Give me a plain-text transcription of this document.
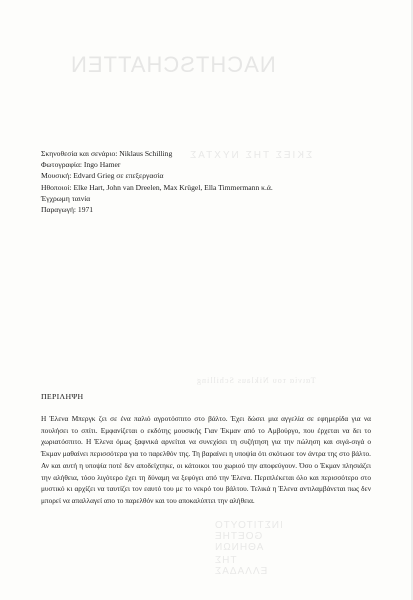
NACHTSCHATTEN
ΣΚΙΕΣ ΤΗΣ ΝΥΧΤΑΣ
Ταινία του Niklaus Schilling
ΙΝΣΤΙΤΟΥΤΟ
GOETHE
ΑΘΗΝΩΝ
ΤΗΣ
ΕΛΛΑΔΑΣ
Σκηνοθεσία και σενάριο: Niklaus Schilling
Φωτογραφία: Ingo Hamer
Μουσική: Edvard Grieg σε επεξεργασία
Ηθοποιοί: Elke Hart, John van Dreelen, Max Krügel, Ella Timmermann κ.ά.
Έγχρωμη ταινία
Παραγωγή: 1971
ΠΕΡΙΛΗΨΗ

Η Έλενα Μπεργκ ζει σε ένα παλιό αγροτόσπιτο στο βάλτο. Έχει δώσει μια αγγελία σε εφημερίδα για να πουλήσει το σπίτι. Εμφανίζεται ο εκδότης μουσικής Γιαν Έκμαν από το Αμβούργο, που έρχεται να δει το χωριατόσπιτο. Η Έλενα όμως ξαφνικά αρνείται να συνεχίσει τη συζήτηση για την πώληση και σιγά-σιγά ο Έκμαν μαθαίνει περισσότερα για το παρελθόν της. Τη βαραίνει η υποψία ότι σκότωσε τον άντρα της στο βάλτο. Αν και αυτή η υποψία ποτέ δεν αποδείχτηκε, οι κάτοικοι του χωριού την αποφεύγουν. Όσο ο Έκμαν πλησιάζει την αλήθεια, τόσο λιγότερο έχει τη δύναμη να ξεφύγει από την Έλενα. Περιπλέκεται όλο και περισσότερο στο μυστικό κι αρχίζει να ταυτίζει τον εαυτό του με το νεκρό του βάλτου. Τελικά η Έλενα αντιλαμβάνεται πως δεν μπορεί να απαλλαγεί απο το παρελθόν και του αποκαλύπτει την αλήθεια.
